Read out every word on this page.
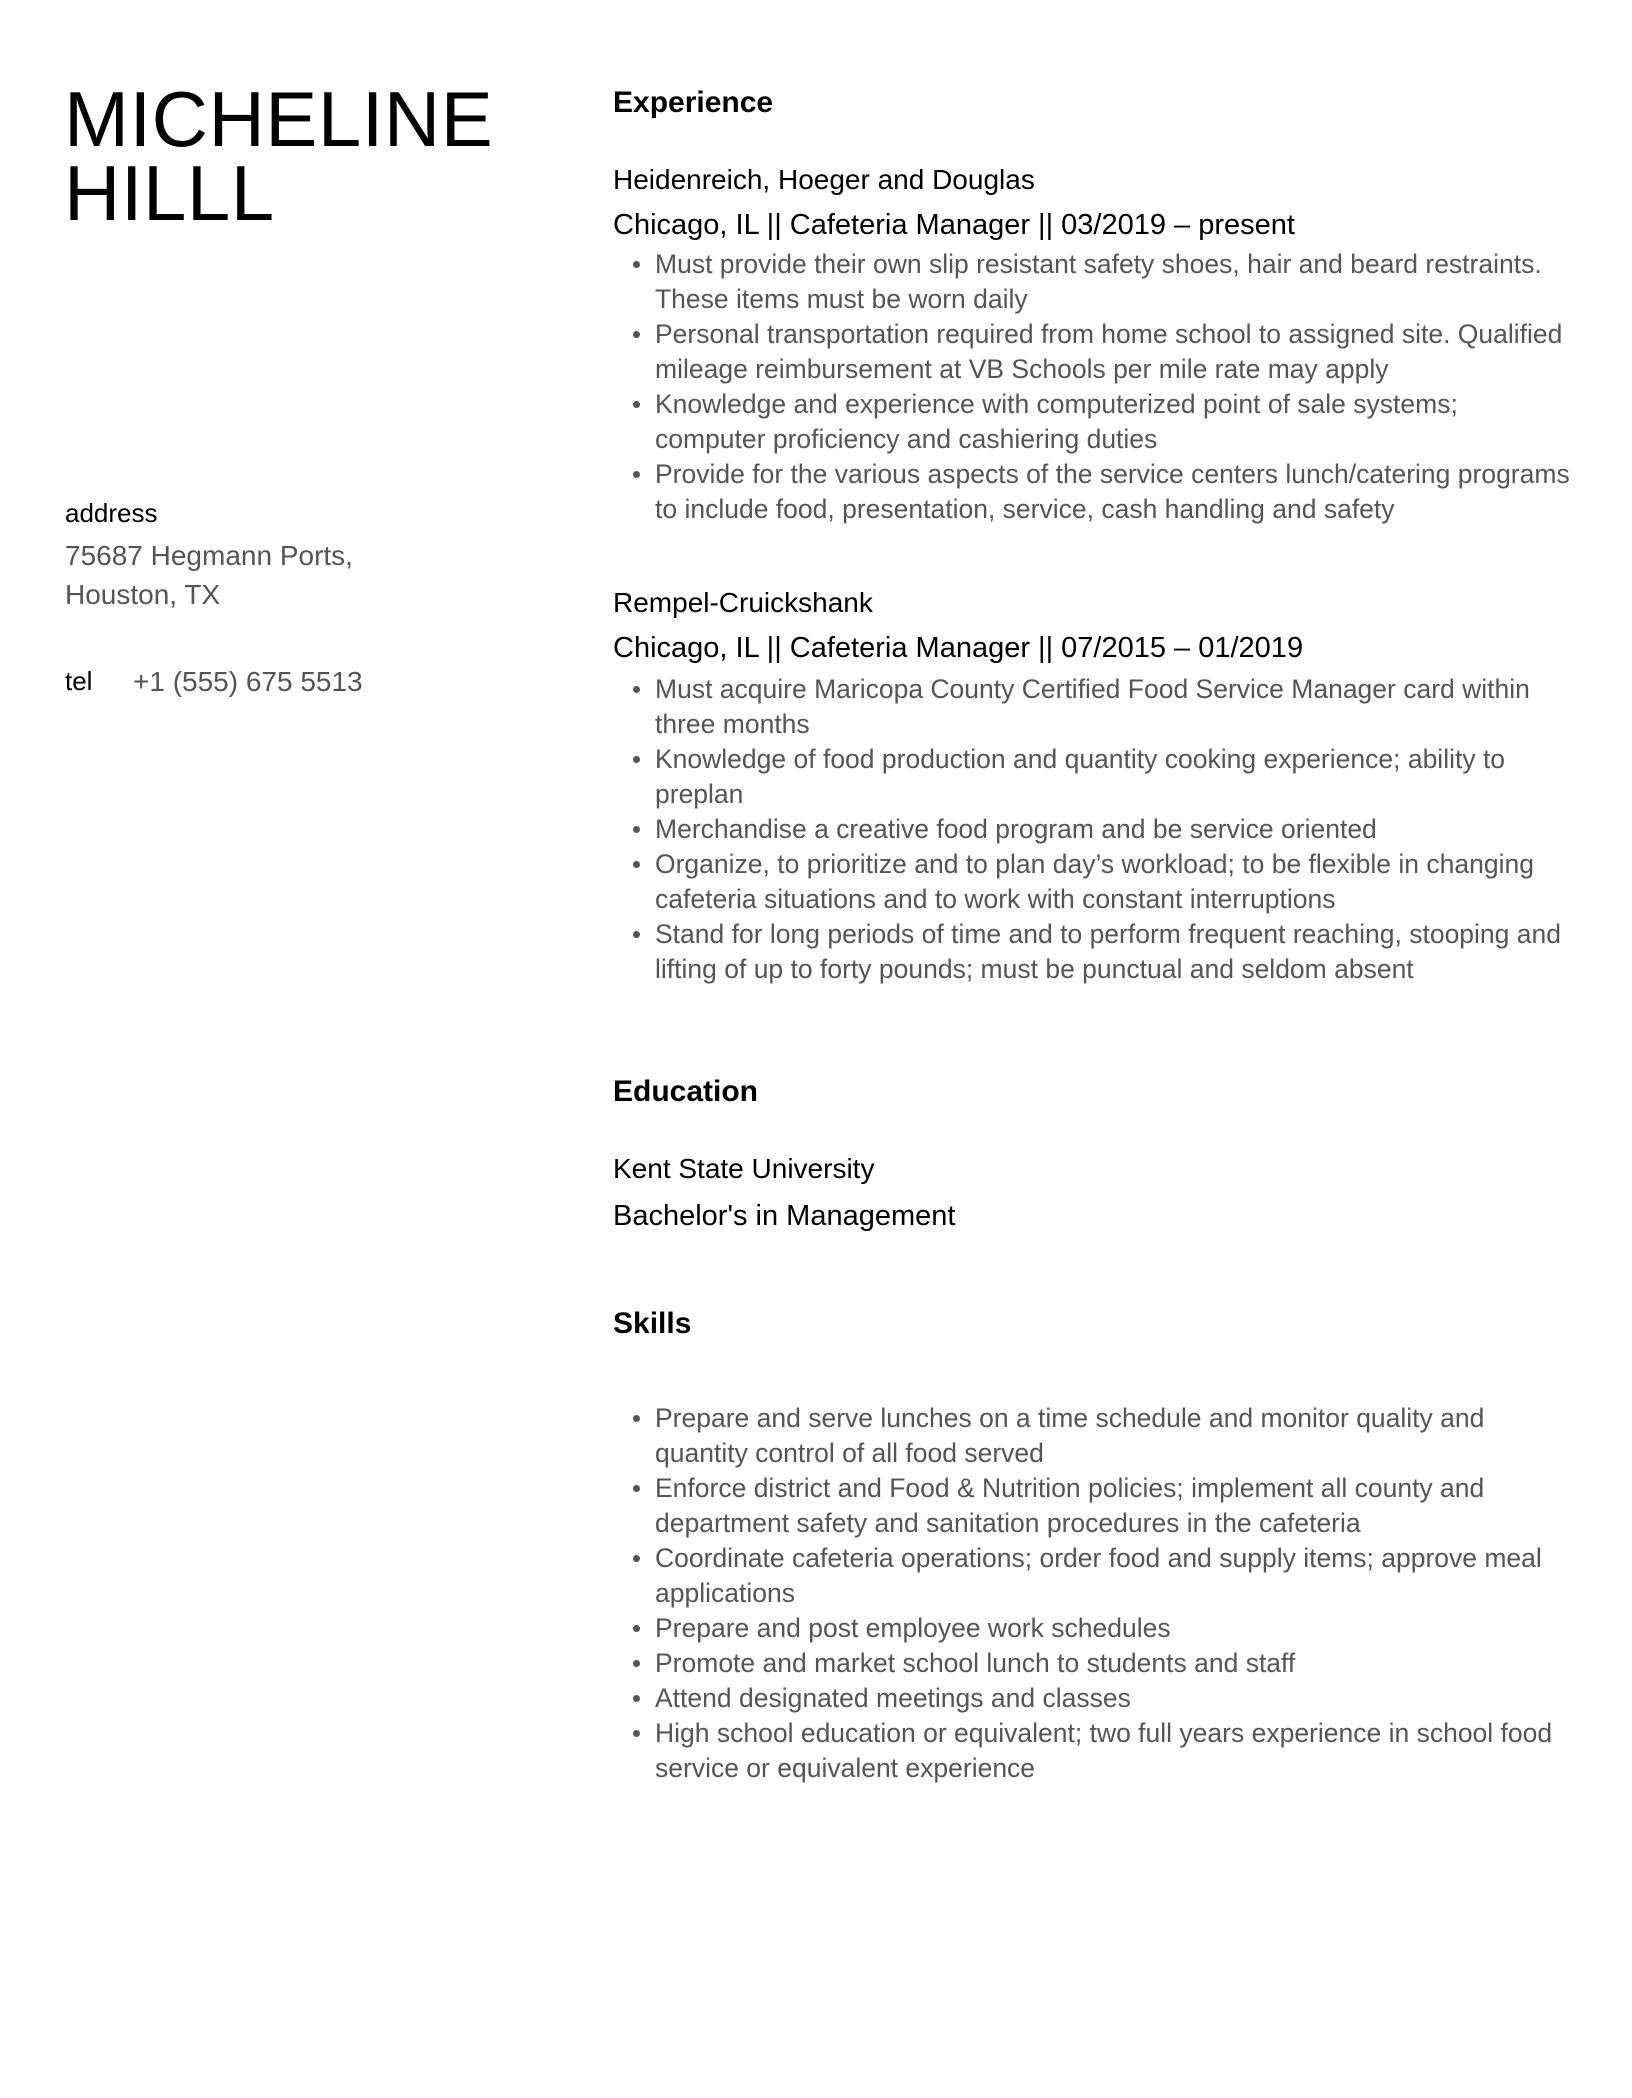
MICHELINE
HILLL
address
75687 Hegmann Ports,
Houston, TX
tel +1 (555) 675 5513
Experience
Heidenreich, Hoeger and Douglas
Chicago, IL || Cafeteria Manager || 03/2019 – present
Must provide their own slip resistant safety shoes, hair and beard restraints. These items must be worn daily
Personal transportation required from home school to assigned site. Qualified mileage reimbursement at VB Schools per mile rate may apply
Knowledge and experience with computerized point of sale systems; computer proficiency and cashiering duties
Provide for the various aspects of the service centers lunch/catering programs to include food, presentation, service, cash handling and safety
Rempel-Cruickshank
Chicago, IL || Cafeteria Manager || 07/2015 – 01/2019
Must acquire Maricopa County Certified Food Service Manager card within three months
Knowledge of food production and quantity cooking experience; ability to preplan
Merchandise a creative food program and be service oriented
Organize, to prioritize and to plan day’s workload; to be flexible in changing cafeteria situations and to work with constant interruptions
Stand for long periods of time and to perform frequent reaching, stooping and lifting of up to forty pounds; must be punctual and seldom absent
Education
Kent State University
Bachelor's in Management
Skills
Prepare and serve lunches on a time schedule and monitor quality and quantity control of all food served
Enforce district and Food & Nutrition policies; implement all county and department safety and sanitation procedures in the cafeteria
Coordinate cafeteria operations; order food and supply items; approve meal applications
Prepare and post employee work schedules
Promote and market school lunch to students and staff
Attend designated meetings and classes
High school education or equivalent; two full years experience in school food service or equivalent experience
